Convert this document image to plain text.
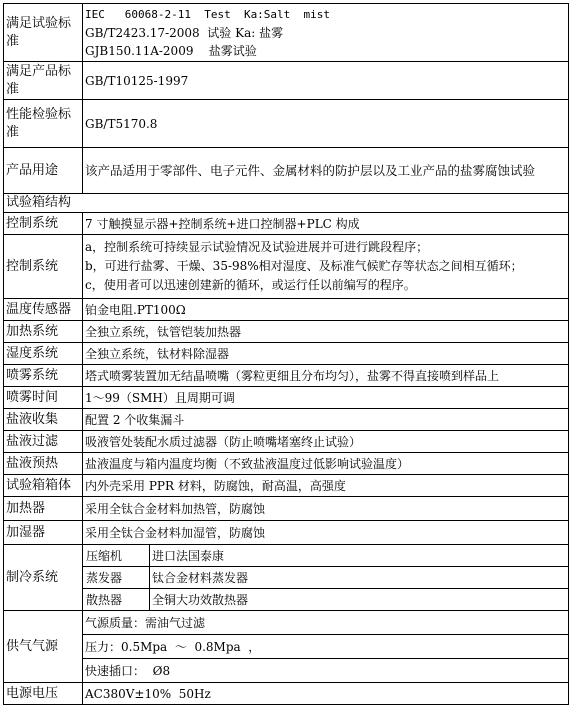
满足试验标准	IEC   60068-2-11  Test  Ka:Salt  mist
GB/T2423.17-2008  试验 Ka: 盐雾
GJB150.11A-2009    盐雾试验	

满足产品标准	GB/T10125-1997	
性能检验标准	GB/T5170.8	
产品用途	该产品适用于零部件、电子元件、金属材料的防护层以及工业产品的盐雾腐蚀试验	
试验箱结构		
控制系统	7 寸触摸显示器+控制系统+进口控制器+PLC 构成	
控制系统	a，控制系统可持续显示试验情况及试验进展并可进行跳段程序；
b，可进行盐雾、干燥、35-98%相对湿度、及标准气候贮存等状态之间相互循环；
c，使用者可以迅速创建新的循环，或运行任以前编写的程序。	

温度传感器	铂金电阻.PT100Ω	
加热系统	全独立系统，钛管铠装加热器	
湿度系统	全独立系统，钛材料除湿器	
喷雾系统	塔式喷雾装置加无结晶喷嘴（雾粒更细且分布均匀），盐雾不得直接喷到样品上	
喷雾时间	1～99（SMH）且周期可调	
盐液收集	配置 2 个收集漏斗	
盐液过滤	吸液管处装配水质过滤器（防止喷嘴堵塞终止试验）	
盐液预热	盐液温度与箱内温度均衡（不致盐液温度过低影响试验温度）	
试验箱箱体	内外壳采用 PPR 材料，防腐蚀，耐高温，高强度	
加热器	采用全钛合金材料加热管，防腐蚀	
加湿器	采用全钛合金材料加湿管，防腐蚀	
制冷系统	压缩机	进口法国泰康
	蒸发器	钛合金材料蒸发器
	散热器	全铜大功效散热器
供气气源	气源质量：需油气过滤	
	压力：0.5Mpa  ～  0.8Mpa  ，	
	快速插口：  Ø8	
电源电压	AC380V±10%  50Hz	
